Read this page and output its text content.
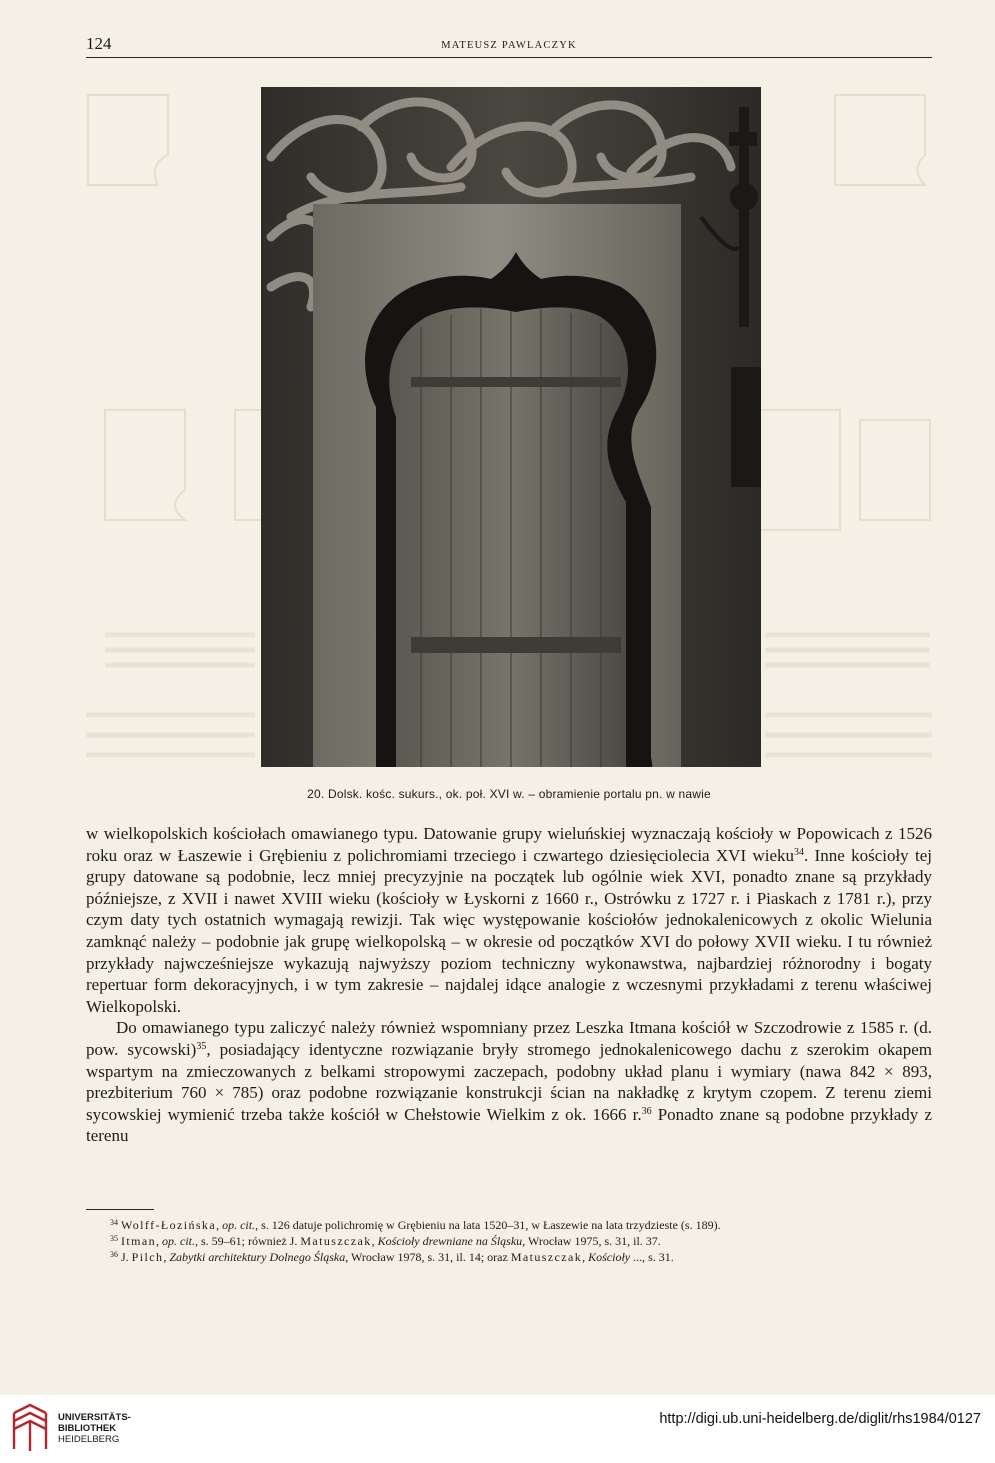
124	MATEUSZ PAWLACZYK
20. Dolsk. kośc. sukurs., ok. poł. XVI w. – obramienie portalu pn. w nawie

w wielkopolskich kościołach omawianego typu. Datowanie grupy wieluńskiej wyznaczają kościoły w Popowicach z 1526 roku oraz w Łaszewie i Grębieniu z polichromiami trzeciego i czwartego dziesięciolecia XVI wieku$^{34}$. Inne kościoły tej grupy datowane są podobnie, lecz mniej precyzyjnie na początek lub ogólnie wiek XVI, ponadto znane są przykłady późniejsze, z XVII i nawet XVIII wieku (kościoły w Łyskorni z 1660 r., Ostrówku z 1727 r. i Piaskach z 1781 r.), przy czym daty tych ostatnich wymagają rewizji. Tak więc występowanie kościołów jednokalenicowych z okolic Wielunia zamknąć należy – podobnie jak grupę wielkopolską – w okresie od początków XVI do połowy XVII wieku. I tu również przykłady najwcześniejsze wykazują najwyższy poziom techniczny wykonawstwa, najbardziej różnorodny i bogaty repertuar form dekoracyjnych, i w tym zakresie – najdalej idące analogie z wczesnymi przykładami z terenu właściwej Wielkopolski.

Do omawianego typu zaliczyć należy również wspomniany przez Leszka Itmana kościół w Szczodrowie z 1585 r. (d. pow. sycowski)$^{35}$, posiadający identyczne rozwiązanie bryły stromego jednokalenicowego dachu z szerokim okapem wspartym na zmieczowanych z belkami stropowymi zaczepach, podobny układ planu i wymiary (nawa 842 × 893, prezbiterium 760 × 785) oraz podobne rozwiązanie konstrukcji ścian na nakładkę z krytym czopem. Z terenu ziemi sycowskiej wymienić trzeba także kościół w Chełstowie Wielkim z ok. 1666 r.$^{36}$ Ponadto znane są podobne przykłady z terenu

$^{34}$ Wolff-Łozińska, op. cit., s. 126 datuje polichromię w Grębieniu na lata 1520–31, w Łaszewie na lata trzydzieste (s. 189).

$^{35}$ Itman, op. cit., s. 59–61; również J. Matuszczak, Kościoły drewniane na Śląsku, Wrocław 1975, s. 31, il. 37.

$^{36}$ J. Pilch, Zabytki architektury Dolnego Śląska, Wrocław 1978, s. 31, il. 14; oraz Matuszczak, Kościoły ..., s. 31.

UNIVERSITÄTS-
BIBLIOTHEK
HEIDELBERG
http://digi.ub.uni-heidelberg.de/diglit/rhs1984/0127
